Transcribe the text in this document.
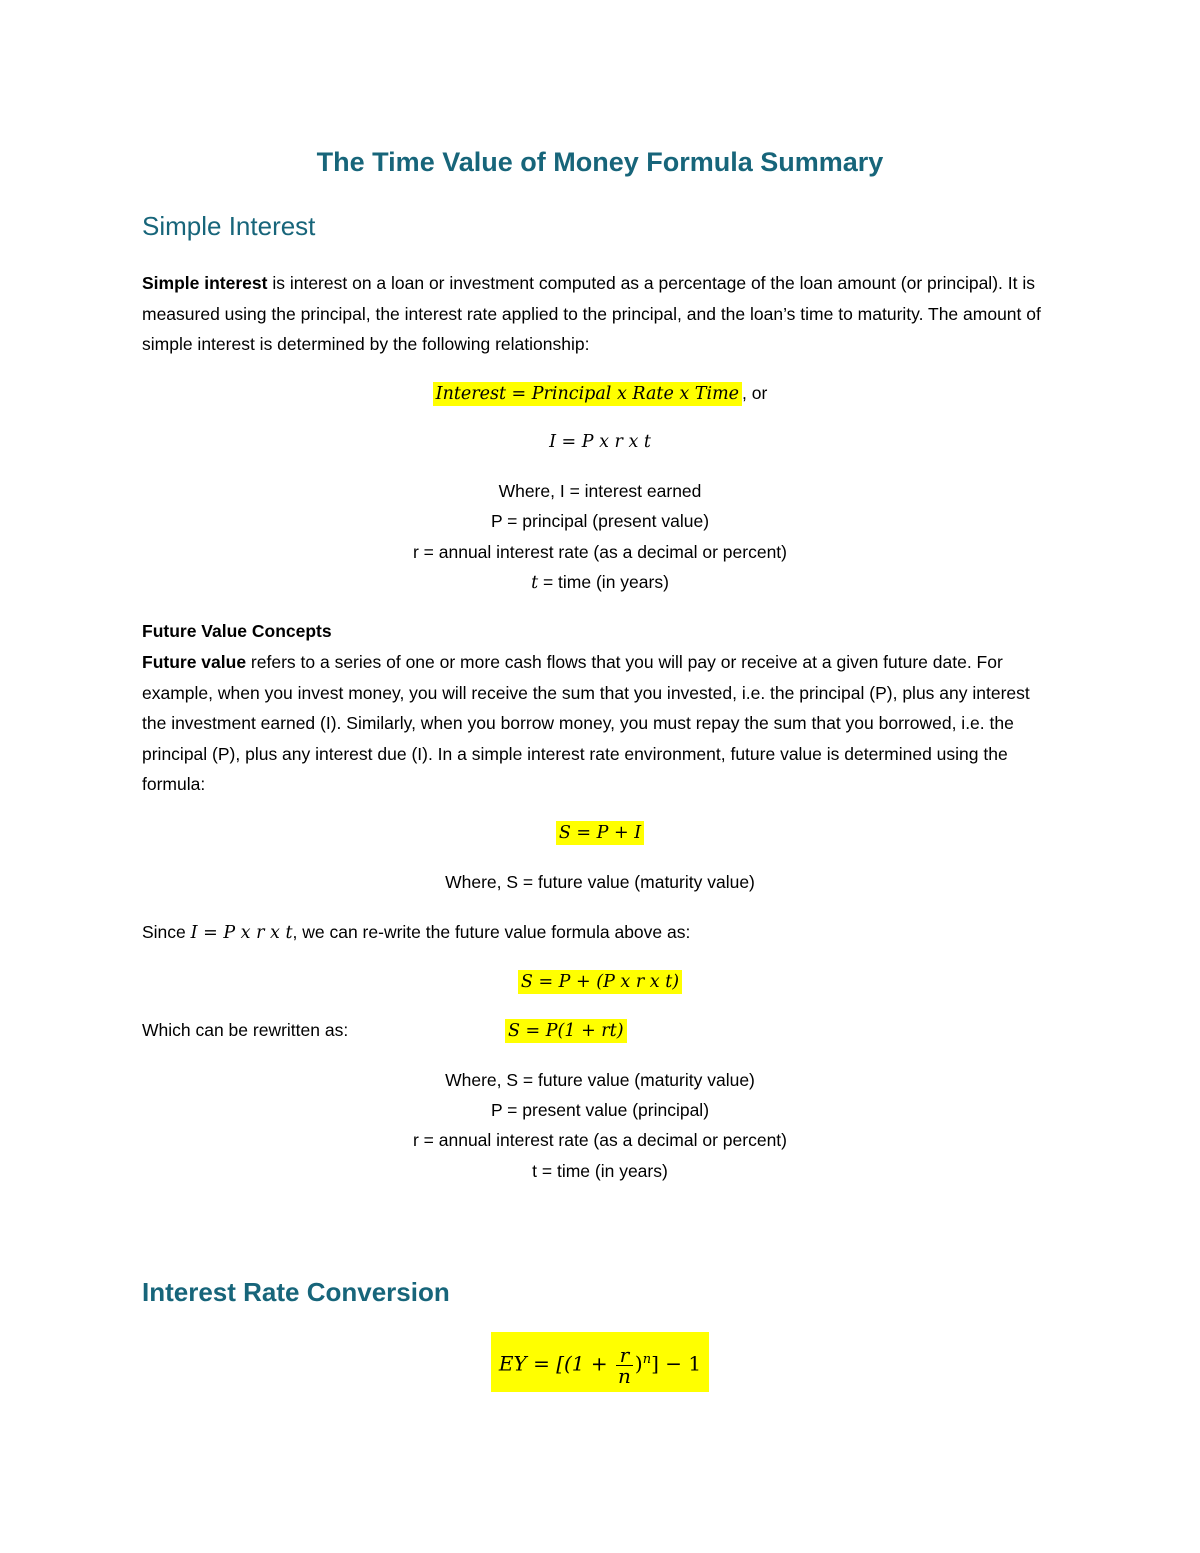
The Time Value of Money Formula Summary
Simple Interest
Simple interest is interest on a loan or investment computed as a percentage of the loan amount (or principal). It is measured using the principal, the interest rate applied to the principal, and the loan’s time to maturity. The amount of simple interest is determined by the following relationship:
Interest = Principal x Rate x Time , or
I = P x r x t
Where, I = interest earned
P = principal (present value)
r = annual interest rate (as a decimal or percent)
t = time (in years)
Future Value Concepts
Future value refers to a series of one or more cash flows that you will pay or receive at a given future date. For example, when you invest money, you will receive the sum that you invested, i.e. the principal (P), plus any interest the investment earned (I). Similarly, when you borrow money, you must repay the sum that you borrowed, i.e. the principal (P), plus any interest due (I). In a simple interest rate environment, future value is determined using the formula:
S = P + I
Where, S = future value (maturity value)
Since I = P x r x t, we can re-write the future value formula above as:
S = P + (P x r x t)
Which can be rewritten as:	S = P(1 + rt)
Where, S = future value (maturity value)
P = present value (principal)
r = annual interest rate (as a decimal or percent)
t = time (in years)
Interest Rate Conversion
EY = $[(1 + \frac{r}{n} )^n] - 1$
